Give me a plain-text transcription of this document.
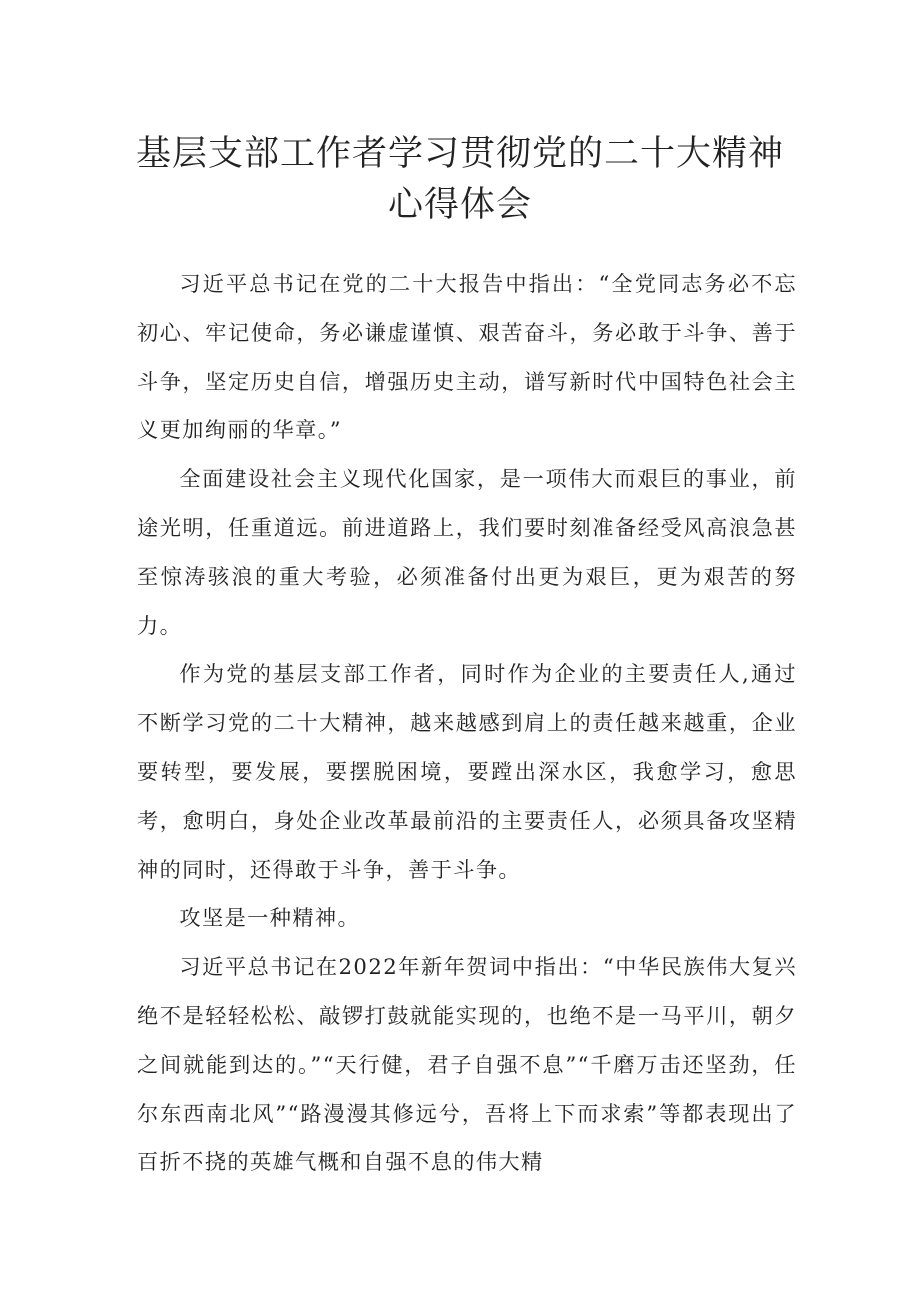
基层支部工作者学习贯彻党的二十大精神
心得体会

习近平总书记在党的二十大报告中指出：“全党同志务必不忘初心、牢记使命，务必谦虚谨慎、艰苦奋斗，务必敢于斗争、善于斗争，坚定历史自信，增强历史主动，谱写新时代中国特色社会主义更加绚丽的华章。”

全面建设社会主义现代化国家，是一项伟大而艰巨的事业，前途光明，任重道远。前进道路上，我们要时刻准备经受风高浪急甚至惊涛骇浪的重大考验，必须准备付出更为艰巨，更为艰苦的努力。

作为党的基层支部工作者，同时作为企业的主要责任人,通过不断学习党的二十大精神，越来越感到肩上的责任越来越重，企业要转型，要发展，要摆脱困境，要蹚出深水区，我愈学习，愈思考，愈明白，身处企业改革最前沿的主要责任人，必须具备攻坚精神的同时，还得敢于斗争，善于斗争。

攻坚是一种精神。

习近平总书记在2022年新年贺词中指出：“中华民族伟大复兴绝不是轻轻松松、敲锣打鼓就能实现的，也绝不是一马平川，朝夕之间就能到达的。”“天行健，君子自强不息”“千磨万击还坚劲，任尔东西南北风”“路漫漫其修远兮，吾将上下而求索”等都表现出了百折不挠的英雄气概和自强不息的伟大精
